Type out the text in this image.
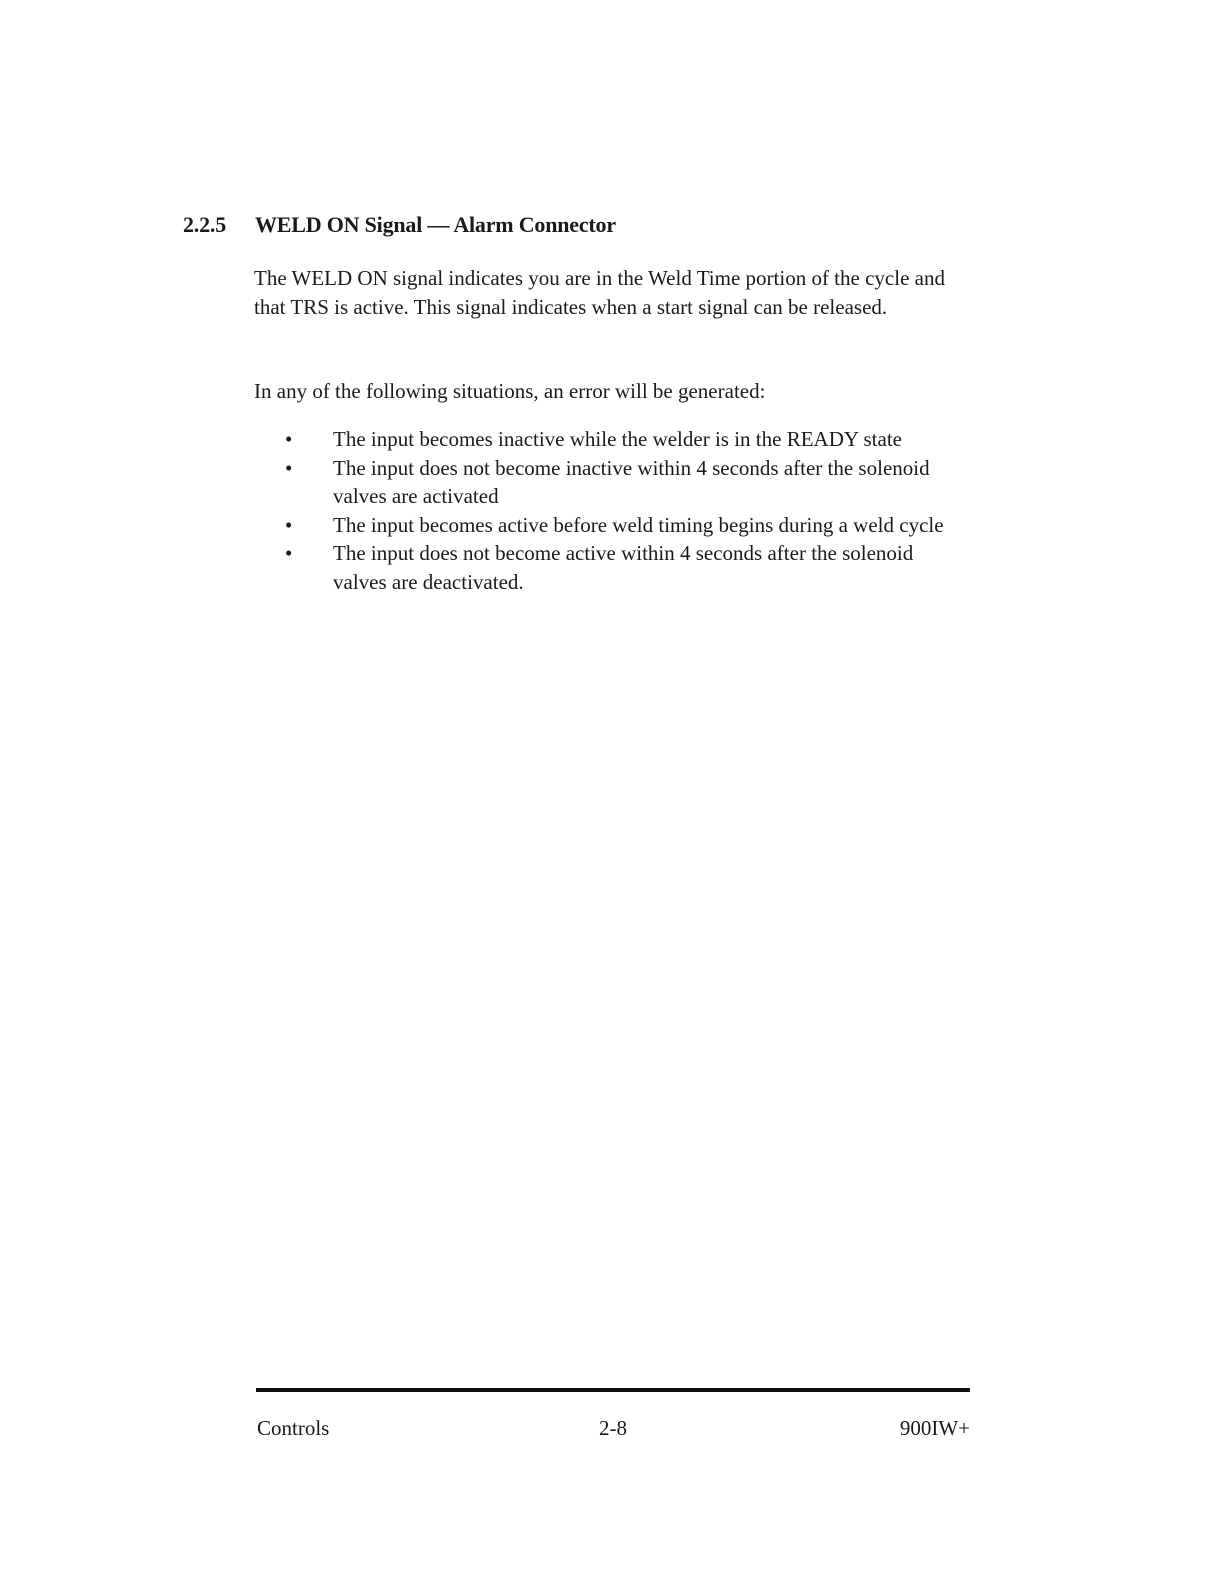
2.2.5 WELD ON Signal — Alarm Connector

The WELD ON signal indicates you are in the Weld Time portion of the cycle and that TRS is active. This signal indicates when a start signal can be released.

In any of the following situations, an error will be generated:

• The input becomes inactive while the welder is in the READY state
• The input does not become inactive within 4 seconds after the solenoid valves are activated
• The input becomes active before weld timing begins during a weld cycle
• The input does not become active within 4 seconds after the solenoid valves are deactivated.
Controls	2-8	900IW+
